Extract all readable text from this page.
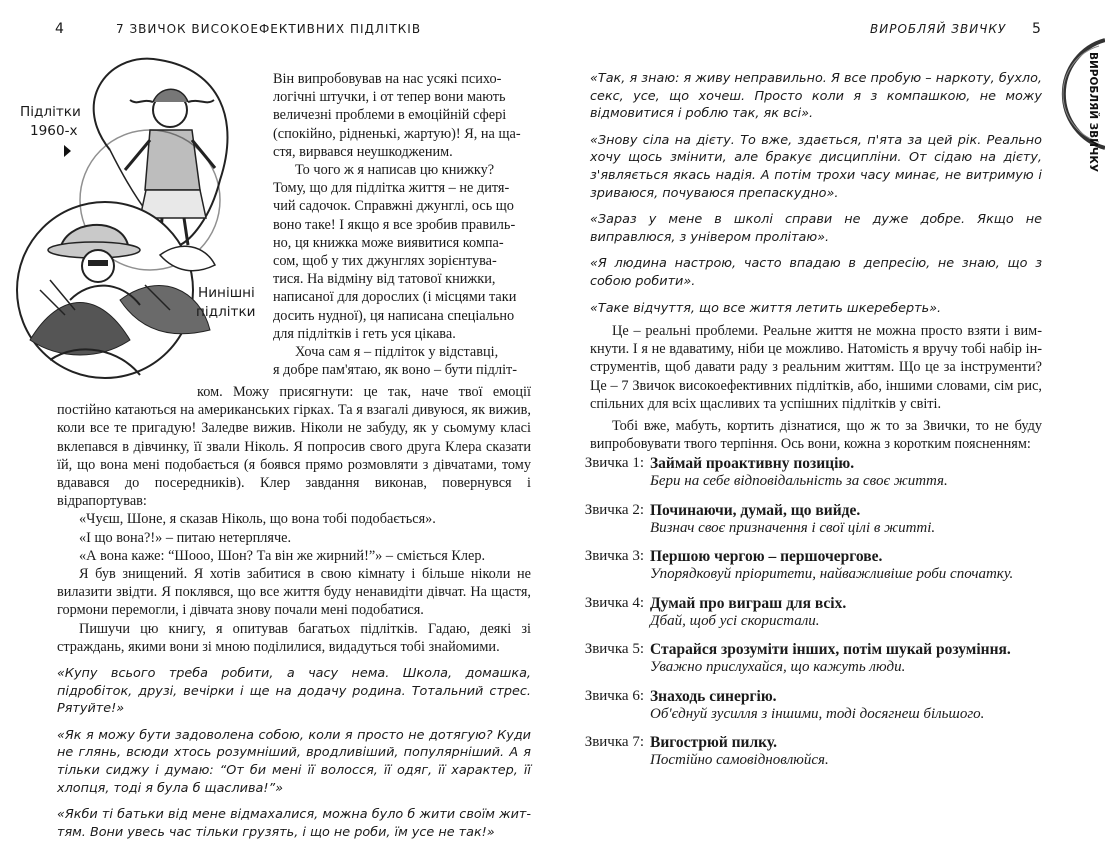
4	7 ЗВИЧОК ВИСОКОЕФЕКТИВНИХ ПІДЛІТКІВ
Підлітки
1960-х
Нинішні
підлітки
Він випробовував на нас усякі психо-
логічні штучки, і от тепер вони мають
величезні проблеми в емоційній сфері
(спокійно, рідненькі, жартую)! Я, на ща-
стя, вирвався неушкодженим.
То чого ж я написав цю книжку?
Тому, що для підлітка життя – не дитя-
чий садочок. Справжні джунглі, ось що
воно таке! І якщо я все зробив правиль-
но, ця книжка може виявитися компа-
сом, щоб у тих джунглях зорієнтува-
тися. На відміну від татової книжки,
написаної для дорослих (і місцями таки
досить нудної), ця написана спеціально
для підлітків і геть уся цікава.
Хоча сам я – підліток у відставці,
я добре пам'ятаю, як воно – бути підліт-

ком. Можу присягнути: це так, наче твої емоції постійно катаються на американських гірках. Та я взагалі дивуюся, як вижив, коли все те пригадую! Заледве вижив. Ніколи не забуду, як у сьомуму класі вклепався в дівчинку, її звали Ніколь. Я попросив свого друга Клера сказати їй, що вона мені подобається (я боявся прямо розмовляти з дівчатами, тому вдавався до посередників). Клер завдання виконав, повернувся і відрапортував:

«Чуєш, Шоне, я сказав Ніколь, що вона тобі подобається».

«І що вона?!» – питаю нетерпляче.

«А вона каже: “Шооо, Шон? Та він же жирний!”» – сміється Клер.

Я був знищений. Я хотів забитися в свою кімнату і більше ніколи не вилазити звідти. Я поклявся, що все життя буду ненавидіти дівчат. На щастя, гормони перемогли, і дівчата знову почали мені подобатися.

Пишучи цю книгу, я опитував багатьох підлітків. Гадаю, деякі зі страждань, якими вони зі мною поділилися, видадуться тобі знайомими.

«Купу всього треба робити, а часу нема. Школа, домашка, підробіток, друзі, вечірки і ще на додачу родина. Тотальний стрес. Рятуйте!»

«Як я можу бути задоволена собою, коли я просто не дотягую? Куди не глянь, всюди хтось розумніший, вродливіший, популярніший. А я тільки сиджу і думаю: “От би мені її волосся, її одяг, її характер, її хлопця, тоді я була б щаслива!”»

«Якби ті батьки від мене відмахалися, можна було б жити своїм життям. Вони увесь час тільки грузять, і що не роби, їм усе не так!»

ВИРОБЛЯЙ ЗВИЧКУ 5
ВИРОБЛЯЙ ЗВИЧКУ

«Так, я знаю: я живу неправильно. Я все пробую – наркоту, бухло, секс, усе, що хочеш. Просто коли я з компашкою, не можу відмовитися і роблю так, як всі».

«Знову сіла на дієту. То вже, здається, п'ята за цей рік. Реально хочу щось змінити, але бракує дисципліни. От сідаю на дієту, з'являється якась надія. А потім трохи часу минає, не витримую і зриваюся, почуваюся препаскудно».

«Зараз у мене в школі справи не дуже добре. Якщо не виправлюся, з універом пролітаю».

«Я людина настрою, часто впадаю в депресію, не знаю, що з собою робити».

«Таке відчуття, що все життя летить шкереберть».

Це – реальні проблеми. Реальне життя не можна просто взяти і вимкнути. І я не вдаватиму, ніби це можливо. Натомість я вручу тобі набір інструментів, щоб давати раду з реальним життям. Що це за інструменти? Це – 7 Звичок високоефективних підлітків, або, іншими словами, сім рис, спільних для всіх щасливих та успішних підлітків у світі.

Тобі вже, мабуть, кортить дізнатися, що ж то за Звички, то не буду випробовувати твого терпіння. Ось вони, кожна з коротким поясненням:

Звичка 1: Займай проактивну позицію.
Бери на себе відповідальність за своє життя.
Звичка 2: Починаючи, думай, що вийде.
Визнач своє призначення і свої цілі в житті.
Звичка 3: Першою чергою – першочергове.
Упорядковуй пріоритети, найважливіше роби спочатку.
Звичка 4: Думай про виграш для всіх.
Дбай, щоб усі скористали.
Звичка 5: Старайся зрозуміти інших, потім шукай розуміння.
Уважно прислухайся, що кажуть люди.
Звичка 6: Знаходь синергію.
Об'єднуй зусилля з іншими, тоді досягнеш більшого.
Звичка 7: Вигострюй пилку.
Постійно самовідновлюйся.
